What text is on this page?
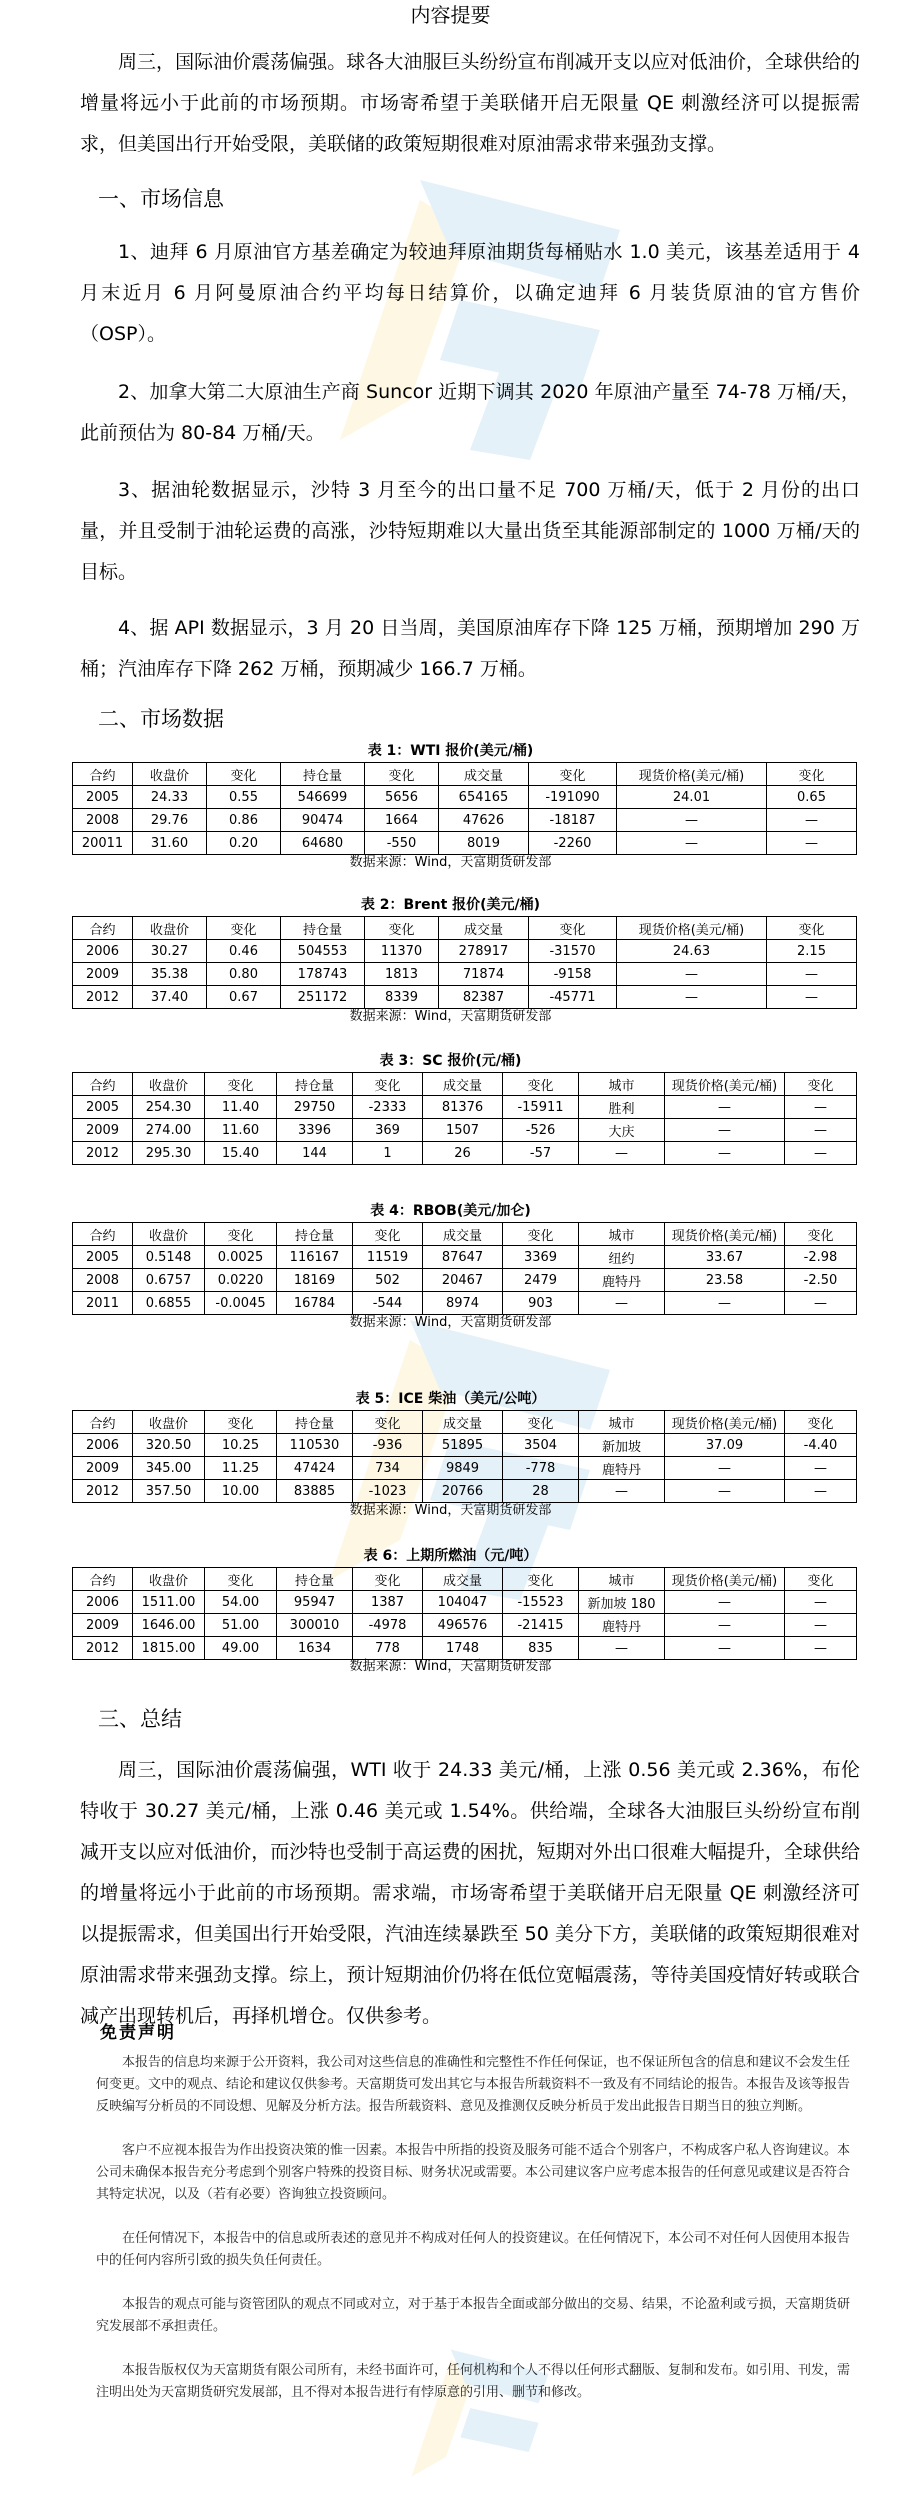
内容提要

周三，国际油价震荡偏强。球各大油服巨头纷纷宣布削减开支以应对低油价，全球供给的增量将远小于此前的市场预期。市场寄希望于美联储开启无限量 QE 刺激经济可以提振需求，但美国出行开始受限，美联储的政策短期很难对原油需求带来强劲支撑。

一、市场信息

1、迪拜 6 月原油官方基差确定为较迪拜原油期货每桶贴水 1.0 美元，该基差适用于 4 月末近月 6 月阿曼原油合约平均每日结算价，以确定迪拜 6 月装货原油的官方售价（OSP）。

2、加拿大第二大原油生产商 Suncor 近期下调其 2020 年原油产量至 74-78 万桶/天，此前预估为 80-84 万桶/天。

3、据油轮数据显示，沙特 3 月至今的出口量不足 700 万桶/天，低于 2 月份的出口量，并且受制于油轮运费的高涨，沙特短期难以大量出货至其能源部制定的 1000 万桶/天的目标。

4、据 API 数据显示，3 月 20 日当周，美国原油库存下降 125 万桶，预期增加 290 万桶；汽油库存下降 262 万桶，预期减少 166.7 万桶。

二、市场数据
表 1：WTI 报价(美元/桶)
合约	收盘价	变化	持仓量	变化	成交量	变化	现货价格(美元/桶)	变化
2005	24.33	0.55	546699	5656	654165	-191090	24.01	0.65
2008	29.76	0.86	90474	1664	47626	-18187	—	—
20011	31.60	0.20	64680	-550	8019	-2260	—	—
数据来源：Wind，天富期货研发部
表 2：Brent 报价(美元/桶)
合约	收盘价	变化	持仓量	变化	成交量	变化	现货价格(美元/桶)	变化
2006	30.27	0.46	504553	11370	278917	-31570	24.63	2.15
2009	35.38	0.80	178743	1813	71874	-9158	—	—
2012	37.40	0.67	251172	8339	82387	-45771	—	—
数据来源：Wind，天富期货研发部
表 3：SC 报价(元/桶)
合约	收盘价	变化	持仓量	变化	成交量	变化	城市	现货价格(美元/桶)	变化
2005	254.30	11.40	29750	-2333	81376	-15911	胜利	—	—
2009	274.00	11.60	3396	369	1507	-526	大庆	—	—
2012	295.30	15.40	144	1	26	-57	—	—	—
表 4：RBOB(美元/加仑)
合约	收盘价	变化	持仓量	变化	成交量	变化	城市	现货价格(美元/桶)	变化
2005	0.5148	0.0025	116167	11519	87647	3369	纽约	33.67	-2.98
2008	0.6757	0.0220	18169	502	20467	2479	鹿特丹	23.58	-2.50
2011	0.6855	-0.0045	16784	-544	8974	903	—	—	—
数据来源：Wind，天富期货研发部
表 5：ICE 柴油（美元/公吨）
合约	收盘价	变化	持仓量	变化	成交量	变化	城市	现货价格(美元/桶)	变化
2006	320.50	10.25	110530	-936	51895	3504	新加坡	37.09	-4.40
2009	345.00	11.25	47424	734	9849	-778	鹿特丹	—	—
2012	357.50	10.00	83885	-1023	20766	28	—	—	—
数据来源：Wind，天富期货研发部
表 6：上期所燃油（元/吨）
合约	收盘价	变化	持仓量	变化	成交量	变化	城市	现货价格(美元/桶)	变化
2006	1511.00	54.00	95947	1387	104047	-15523	新加坡 180	—	—
2009	1646.00	51.00	300010	-4978	496576	-21415	鹿特丹	—	—
2012	1815.00	49.00	1634	778	1748	835	—	—	—
数据来源：Wind，天富期货研发部
三、总结

周三，国际油价震荡偏强，WTI 收于 24.33 美元/桶，上涨 0.56 美元或 2.36%，布伦特收于 30.27 美元/桶，上涨 0.46 美元或 1.54%。供给端，全球各大油服巨头纷纷宣布削减开支以应对低油价，而沙特也受制于高运费的困扰，短期对外出口很难大幅提升，全球供给的增量将远小于此前的市场预期。需求端，市场寄希望于美联储开启无限量 QE 刺激经济可以提振需求，但美国出行开始受限，汽油连续暴跌至 50 美分下方，美联储的政策短期很难对原油需求带来强劲支撑。综上，预计短期油价仍将在低位宽幅震荡，等待美国疫情好转或联合减产出现转机后，再择机增仓。仅供参考。

免责声明

本报告的信息均来源于公开资料，我公司对这些信息的准确性和完整性不作任何保证，也不保证所包含的信息和建议不会发生任何变更。文中的观点、结论和建议仅供参考。天富期货可发出其它与本报告所载资料不一致及有不同结论的报告。本报告及该等报告反映编写分析员的不同设想、见解及分析方法。报告所载资料、意见及推测仅反映分析员于发出此报告日期当日的独立判断。

客户不应视本报告为作出投资决策的惟一因素。本报告中所指的投资及服务可能不适合个别客户，不构成客户私人咨询建议。本公司未确保本报告充分考虑到个别客户特殊的投资目标、财务状况或需要。本公司建议客户应考虑本报告的任何意见或建议是否符合其特定状况，以及（若有必要）咨询独立投资顾问。

在任何情况下，本报告中的信息或所表述的意见并不构成对任何人的投资建议。在任何情况下，本公司不对任何人因使用本报告中的任何内容所引致的损失负任何责任。

本报告的观点可能与资管团队的观点不同或对立，对于基于本报告全面或部分做出的交易、结果，不论盈利或亏损，天富期货研究发展部不承担责任。

本报告版权仅为天富期货有限公司所有，未经书面许可，任何机构和个人不得以任何形式翻版、复制和发布。如引用、刊发，需注明出处为天富期货研究发展部，且不得对本报告进行有悖原意的引用、删节和修改。
